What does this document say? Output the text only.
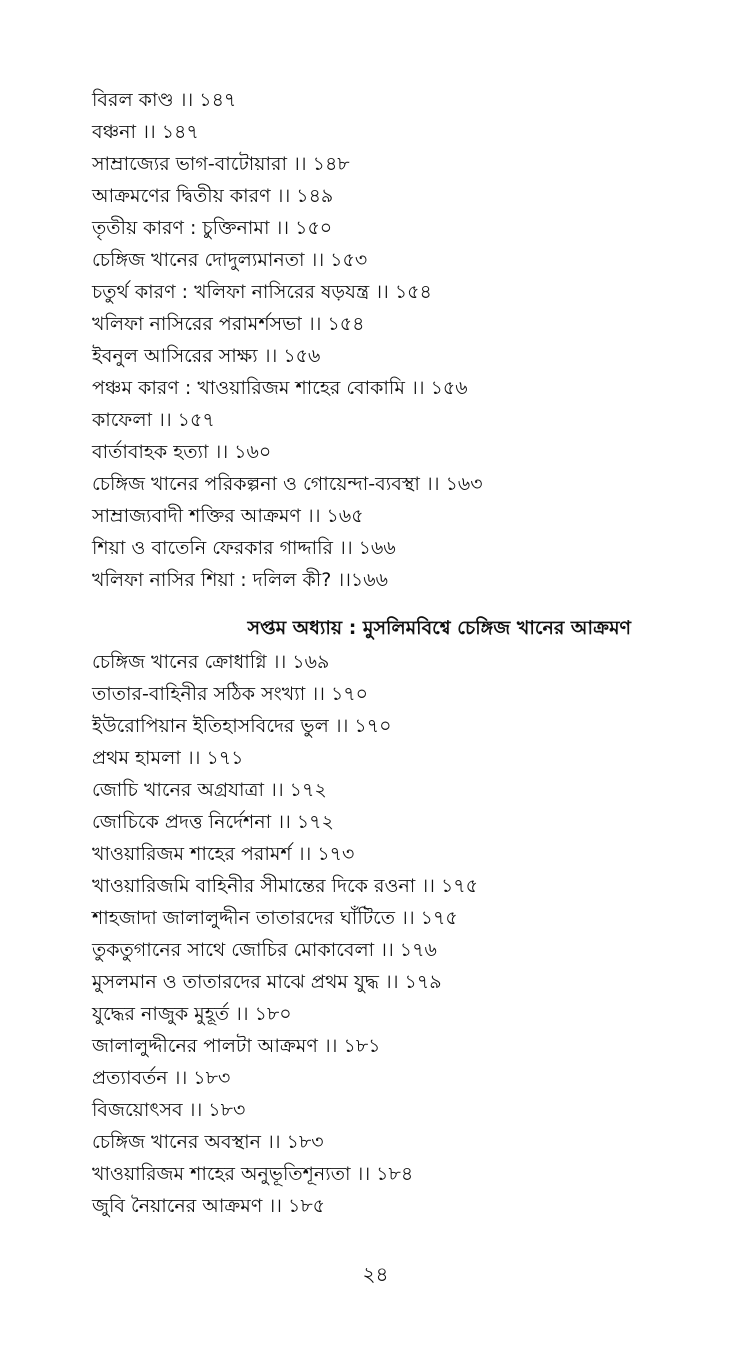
বিরল কাণ্ড ।। ১৪৭
বঞ্চনা ।। ১৪৭
সাম্রাজ্যের ভাগ-বাটোয়ারা ।। ১৪৮
আক্রমণের দ্বিতীয় কারণ ।। ১৪৯
তৃতীয় কারণ : চুক্তিনামা ।। ১৫০
চেঙ্গিজ খানের দোদুল্যমানতা ।। ১৫৩
চতুর্থ কারণ : খলিফা নাসিরের ষড়যন্ত্র ।। ১৫৪
খলিফা নাসিরের পরামর্শসভা ।। ১৫৪
ইবনুল আসিরের সাক্ষ্য ।। ১৫৬
পঞ্চম কারণ : খাওয়ারিজম শাহের বোকামি ।। ১৫৬
কাফেলা ।। ১৫৭
বার্তাবাহক হত্যা ।। ১৬০
চেঙ্গিজ খানের পরিকল্পনা ও গোয়েন্দা-ব্যবস্থা ।। ১৬৩
সাম্রাজ্যবাদী শক্তির আক্রমণ ।। ১৬৫
শিয়া ও বাতেনি ফেরকার গাদ্দারি ।। ১৬৬
খলিফা নাসির শিয়া : দলিল কী? ।।১৬৬
সপ্তম অধ্যায় : মুসলিমবিশ্বে চেঙ্গিজ খানের আক্রমণ
চেঙ্গিজ খানের ক্রোধাগ্নি ।। ১৬৯
তাতার-বাহিনীর সঠিক সংখ্যা ।। ১৭০
ইউরোপিয়ান ইতিহাসবিদের ভুল ।। ১৭০
প্রথম হামলা ।। ১৭১
জোচি খানের অগ্রযাত্রা ।। ১৭২
জোচিকে প্রদত্ত নির্দেশনা ।। ১৭২
খাওয়ারিজম শাহের পরামর্শ ।। ১৭৩
খাওয়ারিজমি বাহিনীর সীমান্তের দিকে রওনা ।। ১৭৫
শাহজাদা জালালুদ্দীন তাতারদের ঘাঁটিতে ।। ১৭৫
তুকতুগানের সাথে জোচির মোকাবেলা ।। ১৭৬
মুসলমান ও তাতারদের মাঝে প্রথম যুদ্ধ ।। ১৭৯
যুদ্ধের নাজুক মুহূর্ত ।। ১৮০
জালালুদ্দীনের পালটা আক্রমণ ।। ১৮১
প্রত্যাবর্তন ।। ১৮৩
বিজয়োৎসব ।। ১৮৩
চেঙ্গিজ খানের অবস্থান ।। ১৮৩
খাওয়ারিজম শাহের অনুভূতিশূন্যতা ।। ১৮৪
জুবি নৈয়ানের আক্রমণ ।। ১৮৫
২৪
